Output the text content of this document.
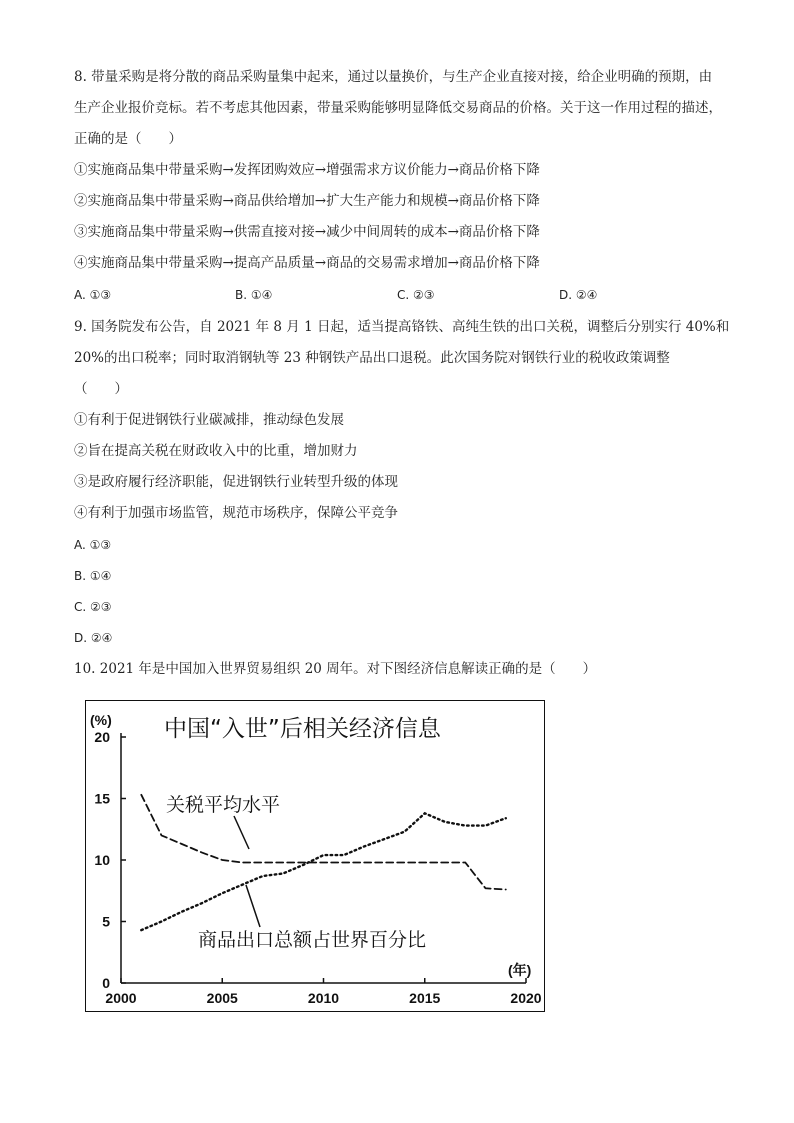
8. 带量采购是将分散的商品采购量集中起来，通过以量换价，与生产企业直接对接，给企业明确的预期，由
生产企业报价竞标。若不考虑其他因素，带量采购能够明显降低交易商品的价格。关于这一作用过程的描述，
正确的是（　　）
①实施商品集中带量采购→发挥团购效应→增强需求方议价能力→商品价格下降
②实施商品集中带量采购→商品供给增加→扩大生产能力和规模→商品价格下降
③实施商品集中带量采购→供需直接对接→减少中间周转的成本→商品价格下降
④实施商品集中带量采购→提高产品质量→商品的交易需求增加→商品价格下降
A. ①③	B. ①④	C. ②③	D. ②④
9. 国务院发布公告，自 2021 年 8 月 1 日起，适当提高铬铁、高纯生铁的出口关税，调整后分别实行 40%和
20%的出口税率；同时取消钢轨等 23 种钢铁产品出口退税。此次国务院对钢铁行业的税收政策调整
（　　）
①有利于促进钢铁行业碳减排，推动绿色发展
②旨在提高关税在财政收入中的比重，增加财力
③是政府履行经济职能，促进钢铁行业转型升级的体现
④有利于加强市场监管，规范市场秩序，保障公平竞争
A. ①③
B. ①④
C. ②③
D. ②④
10. 2021 年是中国加入世界贸易组织 20 周年。对下图经济信息解读正确的是（　　）
0
5
10
15
20
2000	2005	2010	2015	2020
(%)
(年)
中国“入世”后相关经济信息
关税平均水平
商品出口总额占世界百分比
